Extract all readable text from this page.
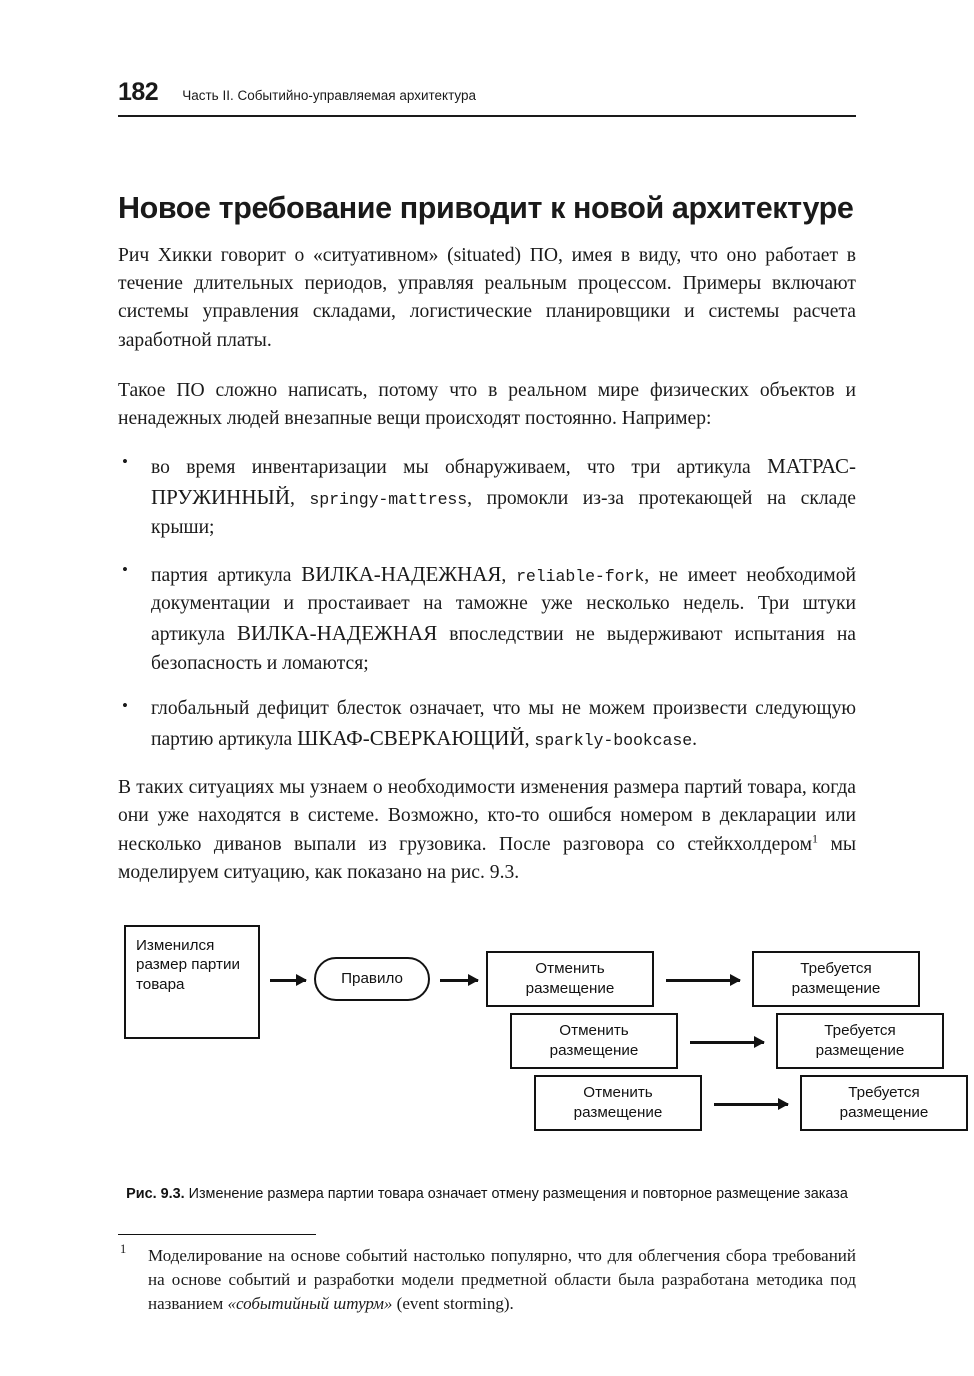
182 Часть II. Событийно-управляемая архитектура
Новое требование приводит к новой архитектуре

Рич Хикки говорит о «ситуативном» (situated) ПО, имея в виду, что оно работает в течение длительных периодов, управляя реальным процессом. Примеры включают системы управления складами, логистические планировщики и системы расчета заработной платы.

Такое ПО сложно написать, потому что в реальном мире физических объектов и ненадежных людей внезапные вещи происходят постоянно. Например:

• во время инвентаризации мы обнаруживаем, что три артикула МАТРАС-ПРУЖИННЫЙ, springy-mattress, промокли из-за протекающей на складе крыши;
• партия артикула ВИЛКА-НАДЕЖНАЯ, reliable-fork, не имеет необходимой документации и простаивает на таможне уже несколько недель. Три штуки артикула ВИЛКА-НАДЕЖНАЯ впоследствии не выдерживают испытания на безопасность и ломаются;
• глобальный дефицит блесток означает, что мы не можем произвести следующую партию артикула ШКАФ-СВЕРКАЮЩИЙ, sparkly-bookcase.

В таких ситуациях мы узнаем о необходимости изменения размера партий товара, когда они уже находятся в системе. Возможно, кто-то ошибся номером в декларации или несколько диванов выпали из грузовика. После разговора со стейкхолдером$^1$ мы моделируем ситуацию, как показано на рис. 9.3.

Изменился размер партии товара	Правило
Отменить размещение
Требуется размещение
Отменить размещение
Требуется размещение
Отменить размещение
Требуется размещение
Рис. 9.3. Изменение размера партии товара означает отмену размещения и повторное размещение заказа
1 Моделирование на основе событий настолько популярно, что для облегчения сбора требований на основе событий и разработки модели предметной области была разработана методика под названием «событийный штурм» (event storming).
